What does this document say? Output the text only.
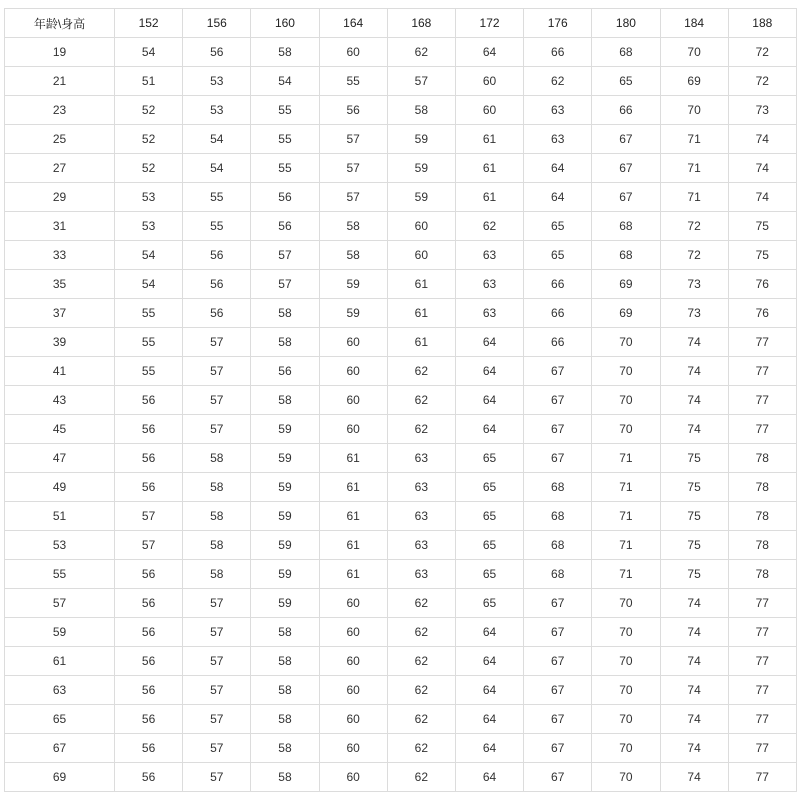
年龄\身高	152	156	160	164	168	172	176	180	184	188
19	54	56	58	60	62	64	66	68	70	72
21	51	53	54	55	57	60	62	65	69	72
23	52	53	55	56	58	60	63	66	70	73
25	52	54	55	57	59	61	63	67	71	74
27	52	54	55	57	59	61	64	67	71	74
29	53	55	56	57	59	61	64	67	71	74
31	53	55	56	58	60	62	65	68	72	75
33	54	56	57	58	60	63	65	68	72	75
35	54	56	57	59	61	63	66	69	73	76
37	55	56	58	59	61	63	66	69	73	76
39	55	57	58	60	61	64	66	70	74	77
41	55	57	56	60	62	64	67	70	74	77
43	56	57	58	60	62	64	67	70	74	77
45	56	57	59	60	62	64	67	70	74	77
47	56	58	59	61	63	65	67	71	75	78
49	56	58	59	61	63	65	68	71	75	78
51	57	58	59	61	63	65	68	71	75	78
53	57	58	59	61	63	65	68	71	75	78
55	56	58	59	61	63	65	68	71	75	78
57	56	57	59	60	62	65	67	70	74	77
59	56	57	58	60	62	64	67	70	74	77
61	56	57	58	60	62	64	67	70	74	77
63	56	57	58	60	62	64	67	70	74	77
65	56	57	58	60	62	64	67	70	74	77
67	56	57	58	60	62	64	67	70	74	77
69	56	57	58	60	62	64	67	70	74	77
